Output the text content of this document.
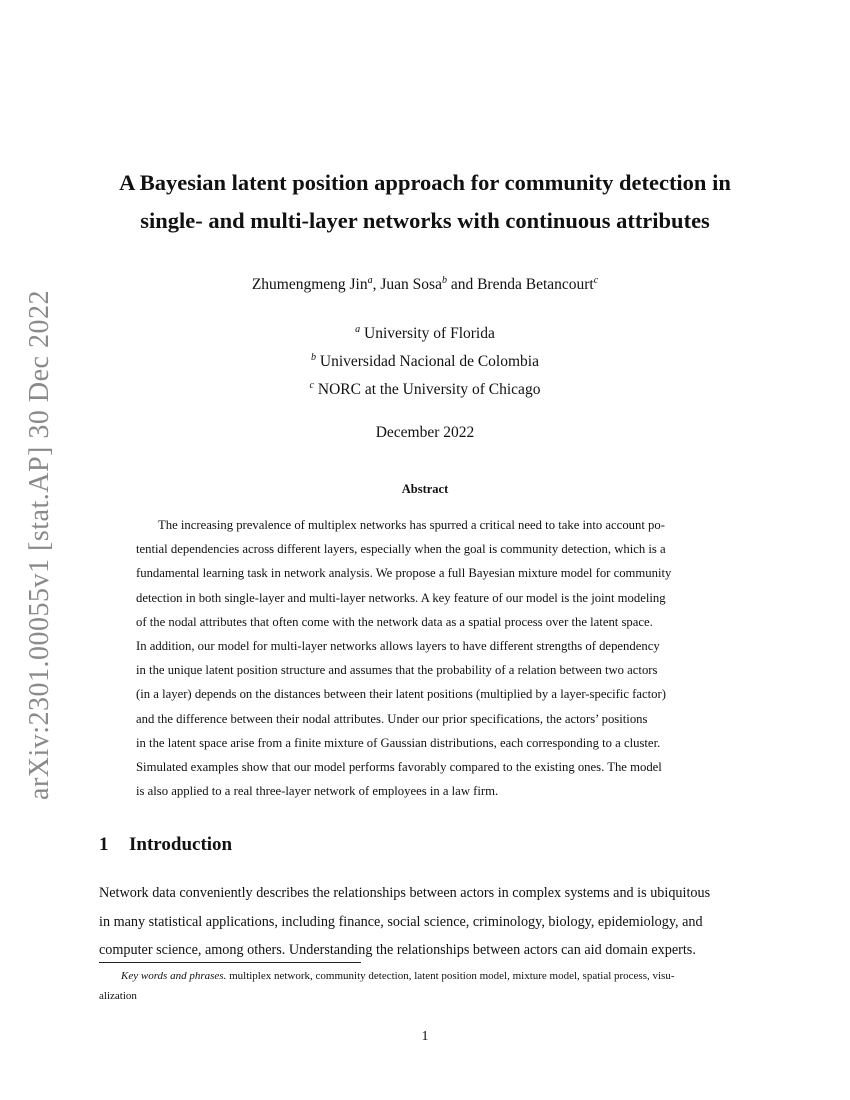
arXiv:2301.00055v1 [stat.AP] 30 Dec 2022
A Bayesian latent position approach for community detection in
single- and multi-layer networks with continuous attributes
Zhumengmeng Jin$^a$, Juan Sosa$^b$ and Brenda Betancourt$^c$
$^a$ University of Florida
$^b$ Universidad Nacional de Colombia
$^c$ NORC at the University of Chicago
December 2022
Abstract
The increasing prevalence of multiplex networks has spurred a critical need to take into account po-
tential dependencies across different layers, especially when the goal is community detection, which is a
fundamental learning task in network analysis. We propose a full Bayesian mixture model for community
detection in both single-layer and multi-layer networks. A key feature of our model is the joint modeling
of the nodal attributes that often come with the network data as a spatial process over the latent space.
In addition, our model for multi-layer networks allows layers to have different strengths of dependency
in the unique latent position structure and assumes that the probability of a relation between two actors
(in a layer) depends on the distances between their latent positions (multiplied by a layer-specific factor)
and the difference between their nodal attributes. Under our prior specifications, the actors’ positions
in the latent space arise from a finite mixture of Gaussian distributions, each corresponding to a cluster.
Simulated examples show that our model performs favorably compared to the existing ones. The model
is also applied to a real three-layer network of employees in a law firm.
1 Introduction
Network data conveniently describes the relationships between actors in complex systems and is ubiquitous
in many statistical applications, including finance, social science, criminology, biology, epidemiology, and
computer science, among others. Understanding the relationships between actors can aid domain experts.
Key words and phrases. multiplex network, community detection, latent position model, mixture model, spatial process, visu-
alization
1
